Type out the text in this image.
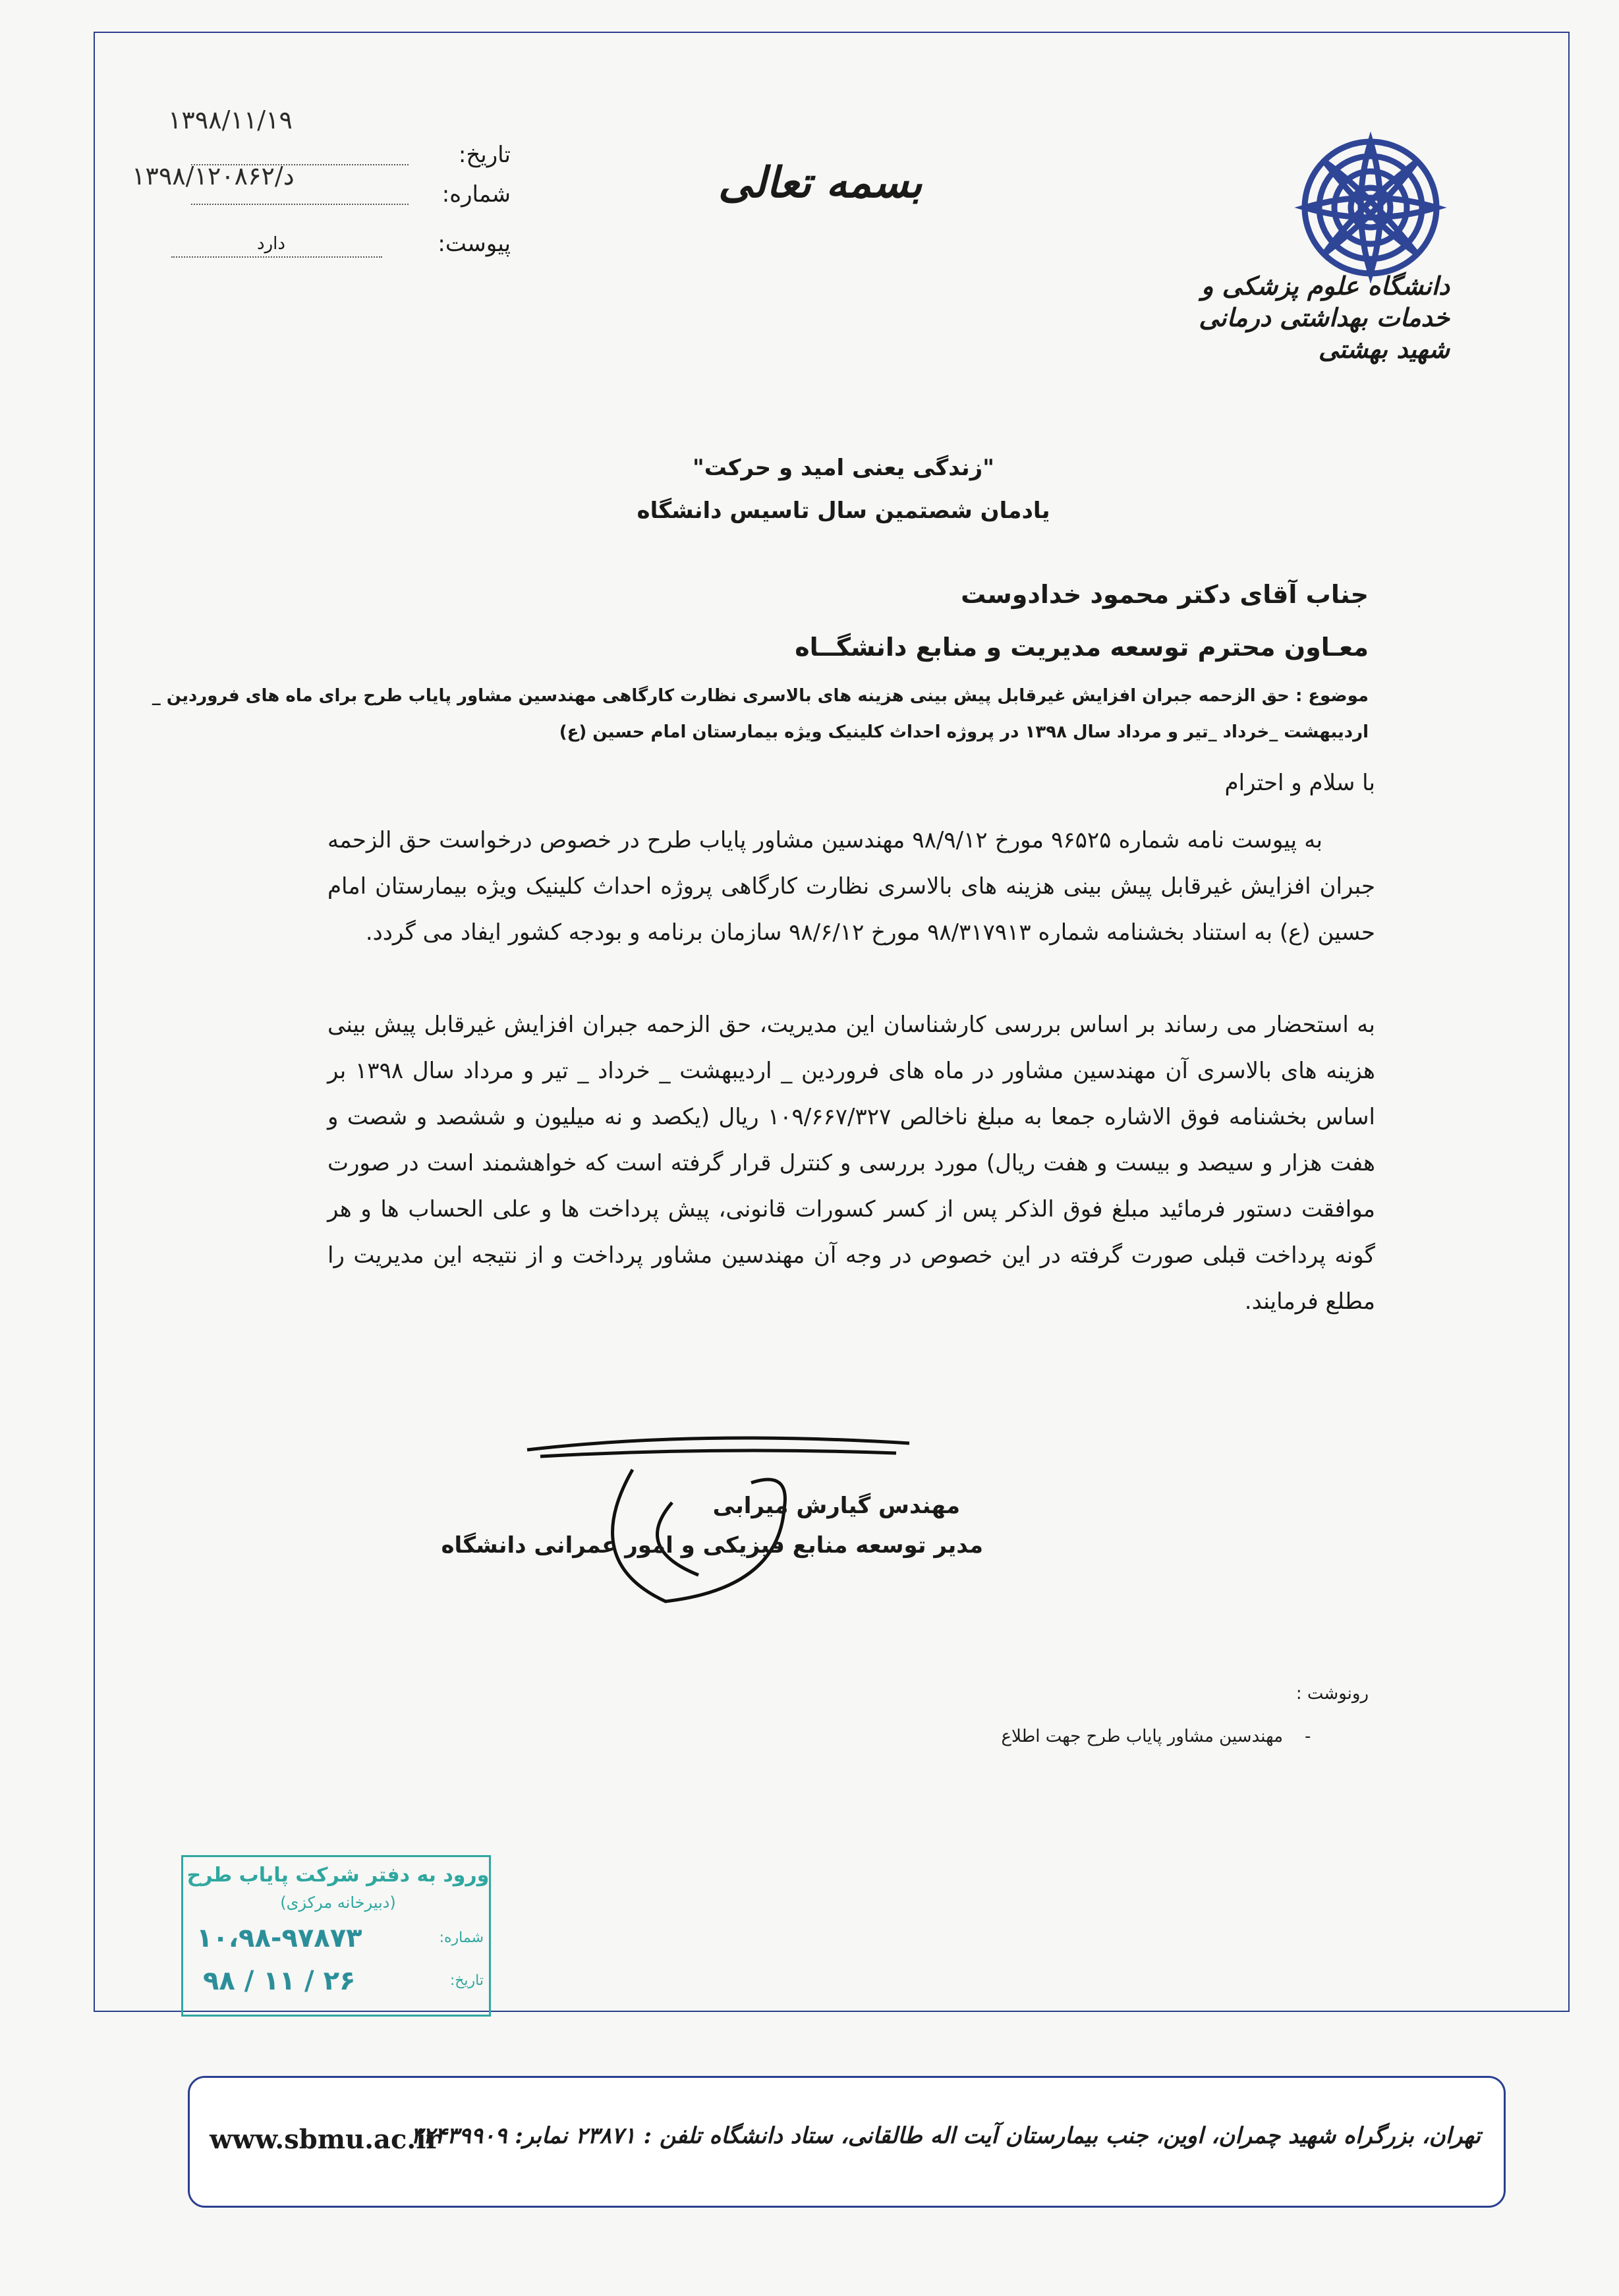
۱۳۹۸/۱۱/۱۹
تاریخ:
۱۳۹۸/د/۱۲۰۸۶۲
شماره:
پیوست:
دارد
بسمه تعالی
دانشگاه علوم پزشکی و خدمات بهداشتی درمانی شهید بهشتی
"زندگی یعنی امید و حرکت"
یادمان شصتمین سال تاسیس دانشگاه
جناب آقای دکتر محمود خدادوست
معـاون محترم توسعه مدیریت و منابع دانشگــاه
موضوع : حق الزحمه جبران افزایش غیرقابل پیش بینی هزینه های بالاسری نظارت کارگاهی مهندسین مشاور پایاب طرح برای ماه های فروردین _
اردیبهشت _خرداد _تیر و مرداد سال ۱۳۹۸ در پروژه احداث کلینیک ویژه بیمارستان امام حسین (ع)
با سلام و احترام
به پیوست نامه شماره ۹۶۵۲۵ مورخ ۹۸/۹/۱۲ مهندسین مشاور پایاب طرح در خصوص درخواست حق الزحمه جبران افزایش غیرقابل پیش بینی هزینه های بالاسری نظارت کارگاهی پروژه احداث کلینیک ویژه بیمارستان امام حسین (ع) به استناد بخشنامه شماره ۹۸/۳۱۷۹۱۳ مورخ ۹۸/۶/۱۲ سازمان برنامه و بودجه کشور ایفاد می گردد.
به استحضار می رساند بر اساس بررسی کارشناسان این مدیریت، حق الزحمه جبران افزایش غیرقابل پیش بینی هزینه های بالاسری آن مهندسین مشاور در ماه های فروردین _ اردیبهشت _ خرداد _ تیر و مرداد سال ۱۳۹۸ بر اساس بخشنامه فوق الاشاره جمعا به مبلغ ناخالص ۱۰۹/۶۶۷/۳۲۷ ریال (یکصد و نه میلیون و ششصد و شصت و هفت هزار و سیصد و بیست و هفت ریال) مورد بررسی و کنترل قرار گرفته است که خواهشمند است در صورت موافقت دستور فرمائید مبلغ فوق الذکر پس از کسر کسورات قانونی، پیش پرداخت ها و علی الحساب ها و هر گونه پرداخت قبلی صورت گرفته در این خصوص در وجه آن مهندسین مشاور پرداخت و از نتیجه این مدیریت را مطلع فرمایند.
مهندس گیارش میرابی
مدیر توسعه منابع فیزیکی و امور عمرانی دانشگاه
رونوشت :
-
مهندسین مشاور پایاب طرح جهت اطلاع
ورود به دفتر شرکت پایاب طرح
(دبیرخانه مرکزی)
شماره:
۱۰،۹۸-۹۷۸۷۳
تاریخ:
۹۸ / ۱۱ / ۲۶
www.sbmu.ac.ir
تهران، بزرگراه شهید چمران، اوین، جنب بیمارستان آیت اله طالقانی، ستاد دانشگاه تلفن : ۲۳۸۷۱ نمابر: ۲۲۴۳۹۹۰۹
